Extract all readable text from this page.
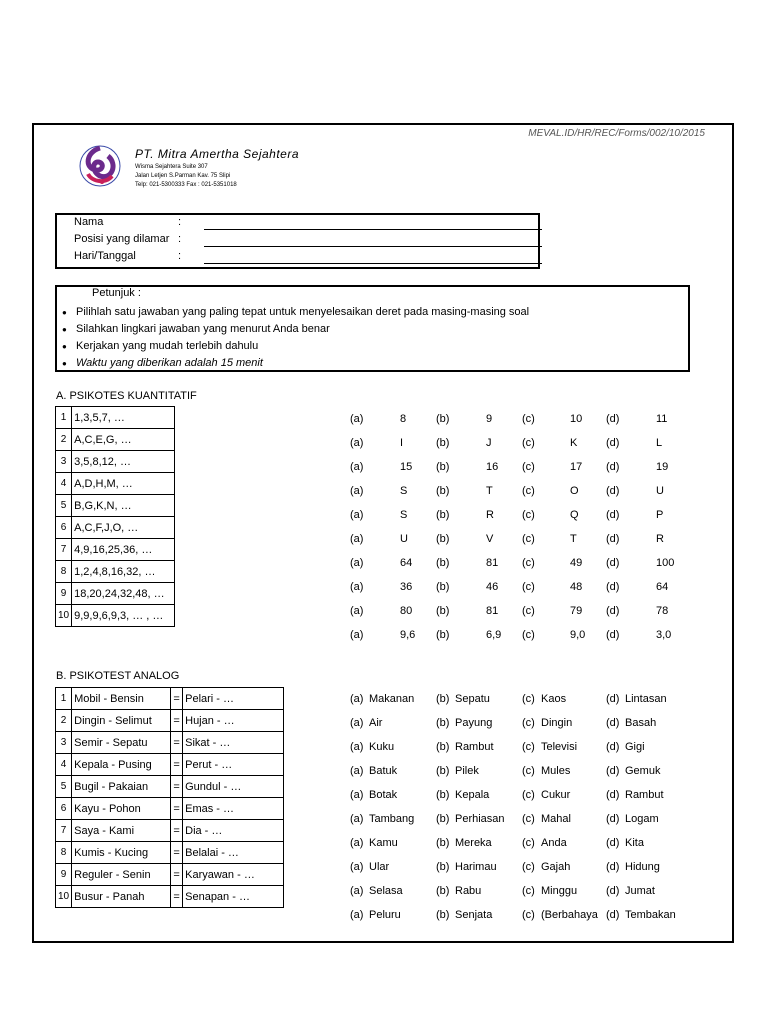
MEVAL.ID/HR/REC/Forms/002/10/2015
PT. Mitra Amertha Sejahtera
Wisma Sejahtera Suite 307
Jalan Letjen S.Parman Kav. 75 Slipi
Telp: 021-5300333 Fax : 021-5351018
Nama	:
Posisi yang dilamar :
Hari/Tanggal	:
Petunjuk :
● Pilihlah satu jawaban yang paling tepat untuk menyelesaikan deret pada masing-masing soal
● Silahkan lingkari jawaban yang menurut Anda benar
● Kerjakan yang mudah terlebih dahulu
● Waktu yang diberikan adalah 15 menit
A. PSIKOTES KUANTITATIF
1	1,3,5,7, …
2	A,C,E,G, …
3	3,5,8,12, …
4	A,D,H,M, …
5	B,G,K,N, …
6	A,C,F,J,O, …
7	4,9,16,25,36, …
8	1,2,4,8,16,32, …
9	18,20,24,32,48, …
10	9,9,9,6,9,3, … , …
(a)	8	(b)	9	(c)	10 (d)	11
(a)	I	(b)	J	(c)	K	(d)	L
(a)	15 (b)	16 (c)	17 (d)	19
(a)	S	(b)	T	(c)	O (d)	U
(a)	S	(b)	R	(c)	Q (d)	P
(a)	U	(b)	V	(c)	T	(d)	R
(a)	64 (b)	81 (c)	49 (d)	100
(a)	36 (b)	46 (c)	48 (d)	64
(a)	80 (b)	81 (c)	79 (d)	78
(a)	9,6 (b)	6,9 (c)	9,0 (d)	3,0
B. PSIKOTEST ANALOG
1	Mobil - Bensin	=	Pelari - …
2	Dingin - Selimut	=	Hujan - …
3	Semir - Sepatu	=	Sikat - …
4	Kepala - Pusing	=	Perut - …
5	Bugil - Pakaian	=	Gundul - …
6	Kayu - Pohon	=	Emas - …
7	Saya - Kami	=	Dia - …
8	Kumis - Kucing	=	Belalai - …
9	Reguler - Senin	=	Karyawan - …
10	Busur - Panah	=	Senapan - …
(a) Makanan (b) Sepatu	(c) Kaos	(d) Lintasan
(a) Air	(b) Payung	(c) Dingin	(d) Basah
(a) Kuku	(b) Rambut	(c) Televisi	(d) Gigi
(a) Batuk	(b) Pilek	(c) Mules	(d) Gemuk
(a) Botak	(b) Kepala	(c) Cukur	(d) Rambut
(a) Tambang (b) Perhiasan (c) Mahal	(d) Logam
(a) Kamu	(b) Mereka	(c) Anda	(d) Kita
(a) Ular	(b) Harimau (c) Gajah	(d) Hidung
(a) Selasa	(b) Rabu	(c) Minggu	(d) Jumat
(a) Peluru	(b) Senjata	(c) (Berbahaya (d) Tembakan
